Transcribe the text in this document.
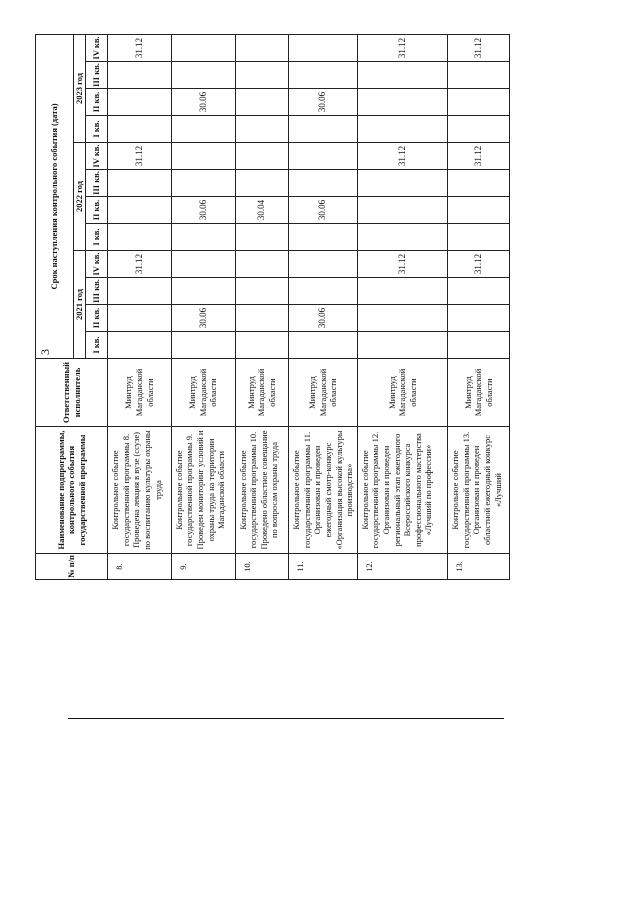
3
№ п/п	Наименование подпрограммы, контрольного события государственной программы	Ответственный исполнитель	Срок наступления контрольного события (дата)											
			2021 год				2022 год				2023 год			
			I кв.	II кв.	III кв.	IV кв.	I кв.	II кв.	III кв.	IV кв.	I кв.	II кв.	III кв.	IV кв.
8.	Контрольное событие государственной программы 8. Проведена лекция в вузе (ссузе) по воспитанию культуры охраны труда	Минтруд Магаданской области				31.12				31.12				31.12
9.	Контрольное событие государственной программы 9. Проведен мониторинг условий и охраны труда на территории Магаданской области	Минтруд Магаданской области		30.06				30.06				30.06		
10.	Контрольное событие государственной программы 10. Проведено областное совещание по вопросам охраны труда	Минтруд Магаданской области						30.04						
11.	Контрольное событие государственной программы 11. Организован и проведен ежегодный смотр-конкурс «Организация высокой культуры производства»	Минтруд Магаданской области		30.06				30.06				30.06		
12.	Контрольное событие государственной программы 12. Организован и проведен региональный этап ежегодного Всероссийского конкурса профессионального мастерства «Лучший по профессии»	Минтруд Магаданской области				31.12				31.12				31.12
13.	Контрольное событие государственной программы 13. Организован и проведен областной ежегодный конкурс «Лучший	Минтруд Магаданской области				31.12				31.12				31.12
